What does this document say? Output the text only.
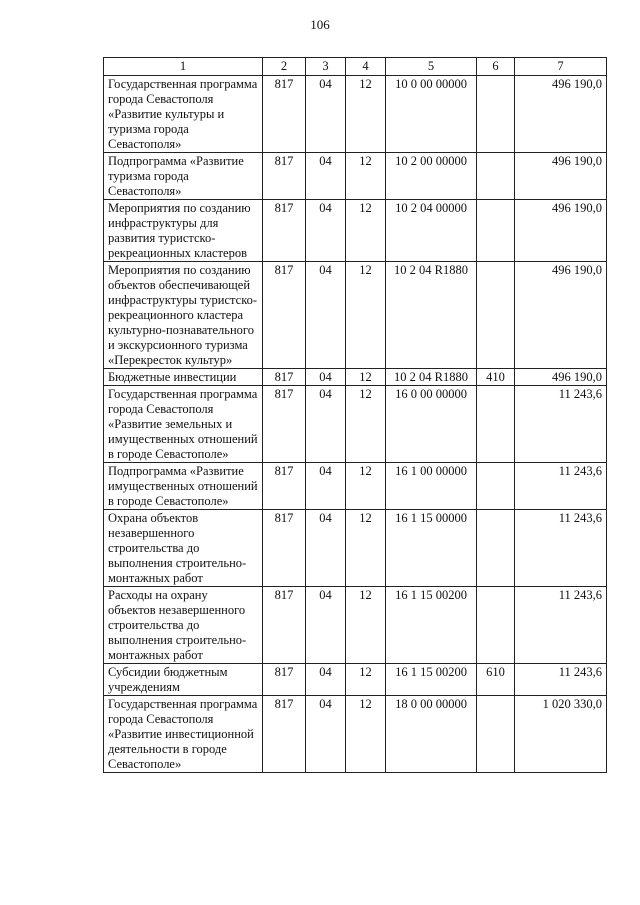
106
1	2	3	4	5	6	7
Государственная программа города Севастополя «Развитие культуры и туризма города Севастополя»	817	04	12	10 0 00 00000		496 190,0
Подпрограмма «Развитие туризма города Севастополя»	817	04	12	10 2 00 00000		496 190,0
Мероприятия по созданию инфраструктуры для развития туристско-рекреационных кластеров	817	04	12	10 2 04 00000		496 190,0
Мероприятия по созданию объектов обеспечивающей инфраструктуры туристско-рекреационного кластера культурно-познавательного и экскурсионного туризма «Перекресток культур»	817	04	12	10 2 04 R1880		496 190,0
Бюджетные инвестиции	817	04	12	10 2 04 R1880	410	496 190,0
Государственная программа города Севастополя «Развитие земельных и имущественных отношений в городе Севастополе»	817	04	12	16 0 00 00000		11 243,6
Подпрограмма «Развитие имущественных отношений в городе Севастополе»	817	04	12	16 1 00 00000		11 243,6
Охрана объектов незавершенного строительства до выполнения строительно-монтажных работ	817	04	12	16 1 15 00000		11 243,6
Расходы на охрану объектов незавершенного строительства до выполнения строительно-монтажных работ	817	04	12	16 1 15 00200		11 243,6
Субсидии бюджетным учреждениям	817	04	12	16 1 15 00200	610	11 243,6
Государственная программа города Севастополя «Развитие инвестиционной деятельности в городе Севастополе»	817	04	12	18 0 00 00000		1 020 330,0
